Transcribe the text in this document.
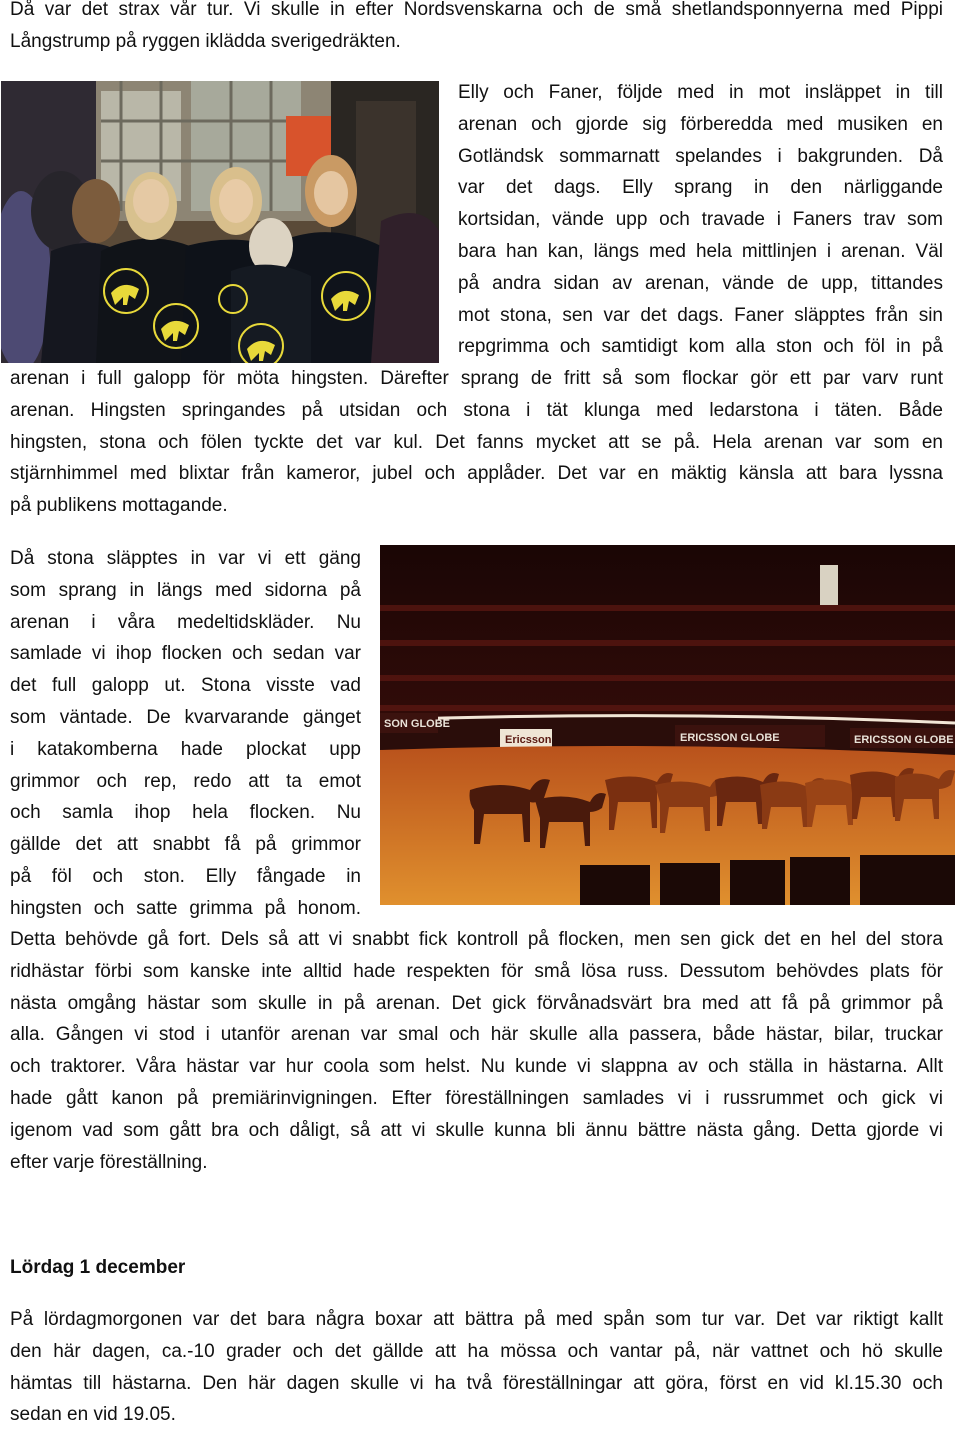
Då var det strax vår tur. Vi skulle in efter Nordsvenskarna och de små shetlandsponnyerna med Pippi
Långstrump på ryggen iklädda sverigedräkten.
Elly och Faner, följde med in mot insläppet in till
arenan och gjorde sig förberedda med musiken en
Gotländsk sommarnatt spelandes i bakgrunden. Då
var det dags. Elly sprang in den närliggande
kortsidan, vände upp och travade i Faners trav som
bara han kan, längs med hela mittlinjen i arenan. Väl
på andra sidan av arenan, vände de upp, tittandes
mot stona, sen var det dags. Faner släpptes från sin
repgrimma och samtidigt kom alla ston och föl in på
arenan i full galopp för möta hingsten. Därefter sprang de fritt så som flockar gör ett par varv runt
arenan. Hingsten springandes på utsidan och stona i tät klunga med ledarstona i täten. Både
hingsten, stona och fölen tyckte det var kul. Det fanns mycket att se på. Hela arenan var som en
stjärnhimmel med blixtar från kameror, jubel och applåder. Det var en mäktig känsla att bara lyssna
på publikens mottagande.
Då stona släpptes in var vi ett gäng
som sprang in längs med sidorna på
arenan i våra medeltidskläder. Nu
samlade vi ihop flocken och sedan var
det full galopp ut. Stona visste vad
som väntade. De kvarvarande gänget
i katakomberna hade plockat upp
grimmor och rep, redo att ta emot
och samla ihop hela flocken. Nu
gällde det att snabbt få på grimmor
på föl och ston. Elly fångade in
hingsten och satte grimma på honom.
SON GLOBE
ERICSSON GLOBE
Ericsson	ERICSSON GLOBE
Detta behövde gå fort. Dels så att vi snabbt fick kontroll på flocken, men sen gick det en hel del stora
ridhästar förbi som kanske inte alltid hade respekten för små lösa russ. Dessutom behövdes plats för
nästa omgång hästar som skulle in på arenan. Det gick förvånadsvärt bra med att få på grimmor på
alla. Gången vi stod i utanför arenan var smal och här skulle alla passera, både hästar, bilar, truckar
och traktorer. Våra hästar var hur coola som helst. Nu kunde vi slappna av och ställa in hästarna. Allt
hade gått kanon på premiärinvigningen. Efter föreställningen samlades vi i russrummet och gick vi
igenom vad som gått bra och dåligt, så att vi skulle kunna bli ännu bättre nästa gång. Detta gjorde vi
efter varje föreställning.
Lördag 1 december
På lördagmorgonen var det bara några boxar att bättra på med spån som tur var. Det var riktigt kallt
den här dagen, ca.-10 grader och det gällde att ha mössa och vantar på, när vattnet och hö skulle
hämtas till hästarna. Den här dagen skulle vi ha två föreställningar att göra, först en vid kl.15.30 och
sedan en vid 19.05.
